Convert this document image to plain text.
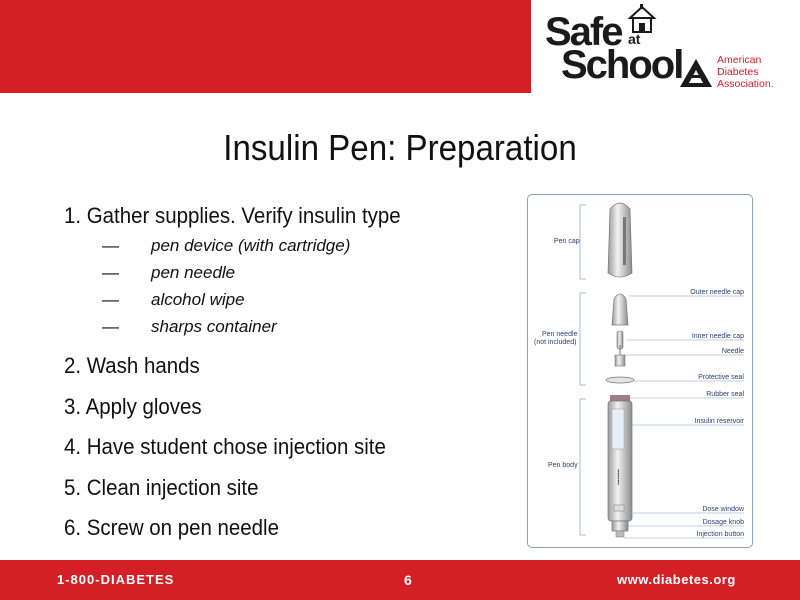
Safe at
School	American
Diabetes
Association.
Insulin Pen: Preparation
1. Gather supplies. Verify insulin type
— pen device (with cartridge)
— pen needle
— alcohol wipe
— sharps container
2. Wash hands
3. Apply gloves
4. Have student chose injection site
5. Clean injection site
6. Screw on pen needle
▪▪▪▪▪▪▪▪▪
Pen cap
Pen needle
(not included)
Pen body
Outer needle cap
Inner needle cap
Needle
Protective seal
Rubber seal
Insulin reservoir
Dose window
Dosage knob
Injection button
1-800-DIABETES	6	www.diabetes.org
